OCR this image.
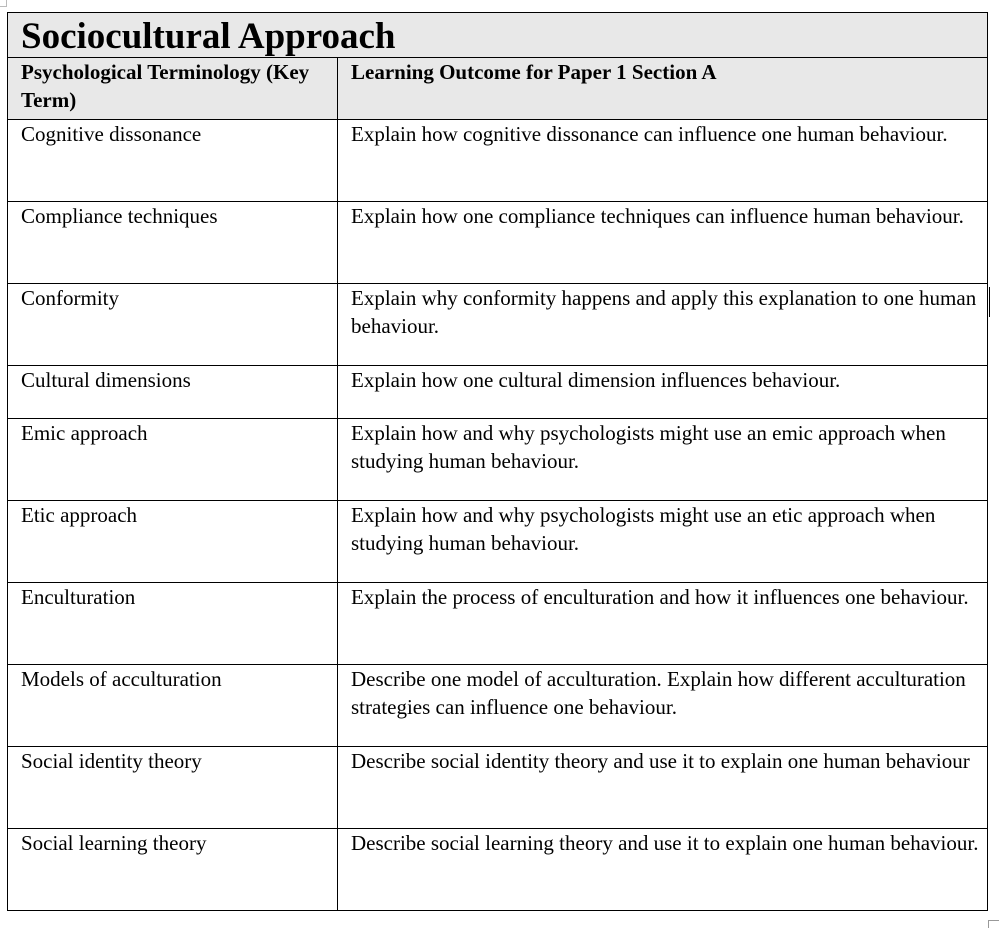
Sociocultural Approach	
Psychological Terminology (Key Term)	Learning Outcome for Paper 1 Section A

Cognitive dissonance	Explain how cognitive dissonance can influence one human behaviour.

Compliance techniques	Explain how one compliance techniques can influence human behaviour.

Conformity	Explain why conformity happens and apply this explanation to one human behaviour.

Cultural dimensions	Explain how one cultural dimension influences behaviour.

Emic approach	Explain how and why psychologists might use an emic approach when studying human behaviour.

Etic approach	Explain how and why psychologists might use an etic approach when studying human behaviour.

Enculturation	Explain the process of enculturation and how it influences one behaviour.

Models of acculturation	Describe one model of acculturation. Explain how different acculturation strategies can influence one behaviour.

Social identity theory	Describe social identity theory and use it to explain one human behaviour

Social learning theory	Describe social learning theory and use it to explain one human behaviour.
